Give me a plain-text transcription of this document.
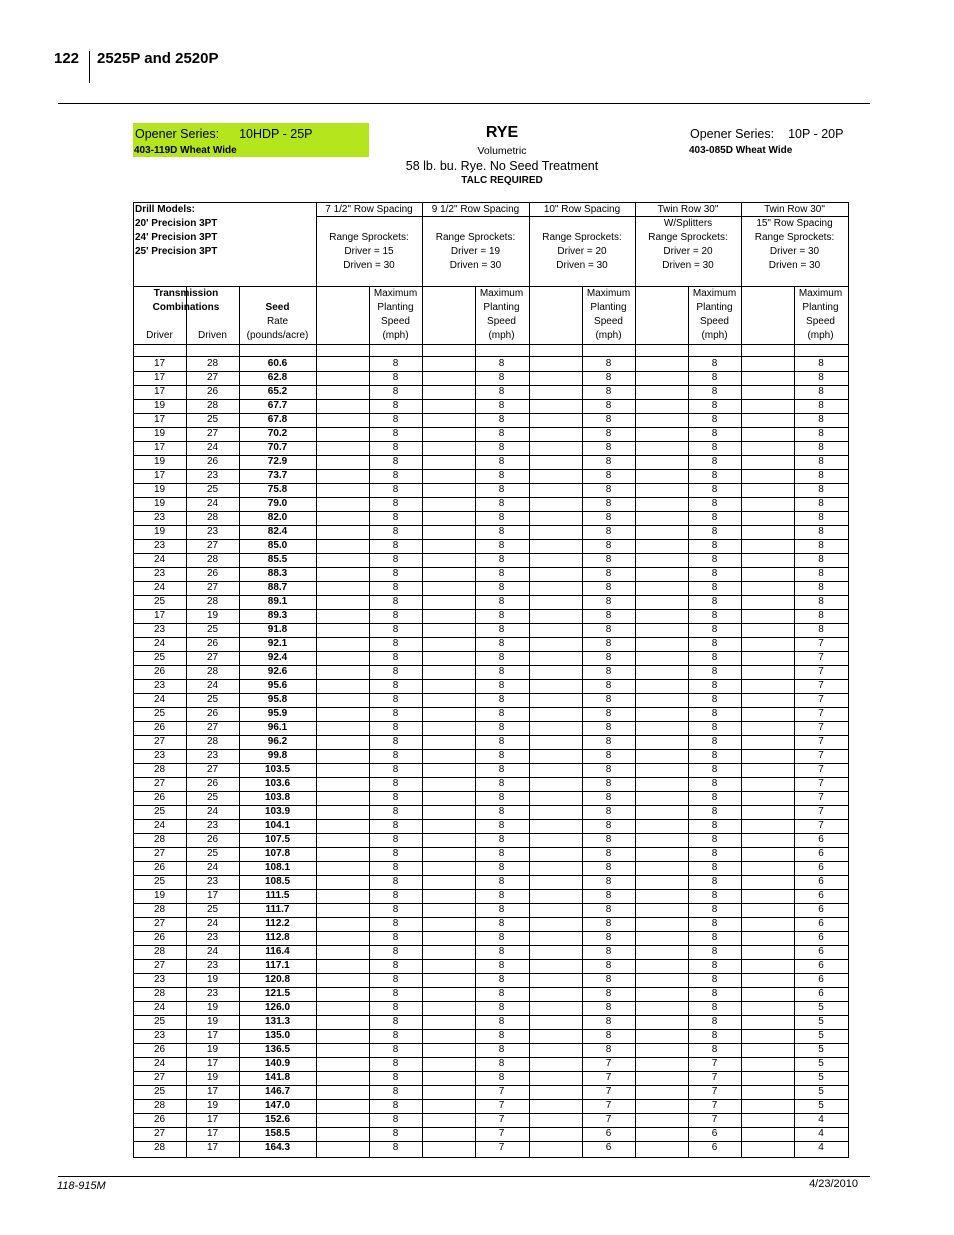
122 2525P and 2520P
Opener Series: 10HDP - 25P
403-119D Wheat Wide
Opener Series: 10P - 20P
403-085D Wheat Wide
RYE
Volumetric
58 lb. bu. Rye. No Seed Treatment
TALC REQUIRED
Drill Models:
20' Precision 3PT
24' Precision 3PT
25' Precision 3PT
7 1/2" Row Spacing
Range Sprockets:
Driver = 15
Driven = 30
9 1/2" Row Spacing
Range Sprockets:
Driver = 19
Driven = 30
10" Row Spacing
Range Sprockets:
Driver = 20
Driven = 30
Twin Row 30"
W/Splitters
Range Sprockets:
Driver = 20
Driven = 30
Twin Row 30"
15" Row Spacing
Range Sprockets:
Driver = 30
Driven = 30
Transmission
Combinations
Driver	Driven
Seed
Rate
(pounds/acre)
Maximum
Planting
Speed
(mph)
Maximum
Planting
Speed
(mph)
Maximum
Planting
Speed
(mph)
Maximum
Planting
Speed
(mph)
Maximum
Planting
Speed
(mph)
17	28	60.6	8	8	8	8	8
17	27	62.8	8	8	8	8	8
17	26	65.2	8	8	8	8	8
19	28	67.7	8	8	8	8	8
17	25	67.8	8	8	8	8	8
19	27	70.2	8	8	8	8	8
17	24	70.7	8	8	8	8	8
19	26	72.9	8	8	8	8	8
17	23	73.7	8	8	8	8	8
19	25	75.8	8	8	8	8	8
19	24	79.0	8	8	8	8	8
23	28	82.0	8	8	8	8	8
19	23	82.4	8	8	8	8	8
23	27	85.0	8	8	8	8	8
24	28	85.5	8	8	8	8	8
23	26	88.3	8	8	8	8	8
24	27	88.7	8	8	8	8	8
25	28	89.1	8	8	8	8	8
17	19	89.3	8	8	8	8	8
23	25	91.8	8	8	8	8	8
24	26	92.1	8	8	8	8	7
25	27	92.4	8	8	8	8	7
26	28	92.6	8	8	8	8	7
23	24	95.6	8	8	8	8	7
24	25	95.8	8	8	8	8	7
25	26	95.9	8	8	8	8	7
26	27	96.1	8	8	8	8	7
27	28	96.2	8	8	8	8	7
23	23	99.8	8	8	8	8	7
28	27	103.5	8	8	8	8	7
27	26	103.6	8	8	8	8	7
26	25	103.8	8	8	8	8	7
25	24	103.9	8	8	8	8	7
24	23	104.1	8	8	8	8	7
28	26	107.5	8	8	8	8	6
27	25	107.8	8	8	8	8	6
26	24	108.1	8	8	8	8	6
25	23	108.5	8	8	8	8	6
19	17	111.5	8	8	8	8	6
28	25	111.7	8	8	8	8	6
27	24	112.2	8	8	8	8	6
26	23	112.8	8	8	8	8	6
28	24	116.4	8	8	8	8	6
27	23	117.1	8	8	8	8	6
23	19	120.8	8	8	8	8	6
28	23	121.5	8	8	8	8	6
24	19	126.0	8	8	8	8	5
25	19	131.3	8	8	8	8	5
23	17	135.0	8	8	8	8	5
26	19	136.5	8	8	8	8	5
24	17	140.9	8	8	7	7	5
27	19	141.8	8	8	7	7	5
25	17	146.7	8	7	7	7	5
28	19	147.0	8	7	7	7	5
26	17	152.6	8	7	7	7	4
27	17	158.5	8	7	6	6	4
28	17	164.3	8	7	6	6	4
118-915M	4/23/2010
